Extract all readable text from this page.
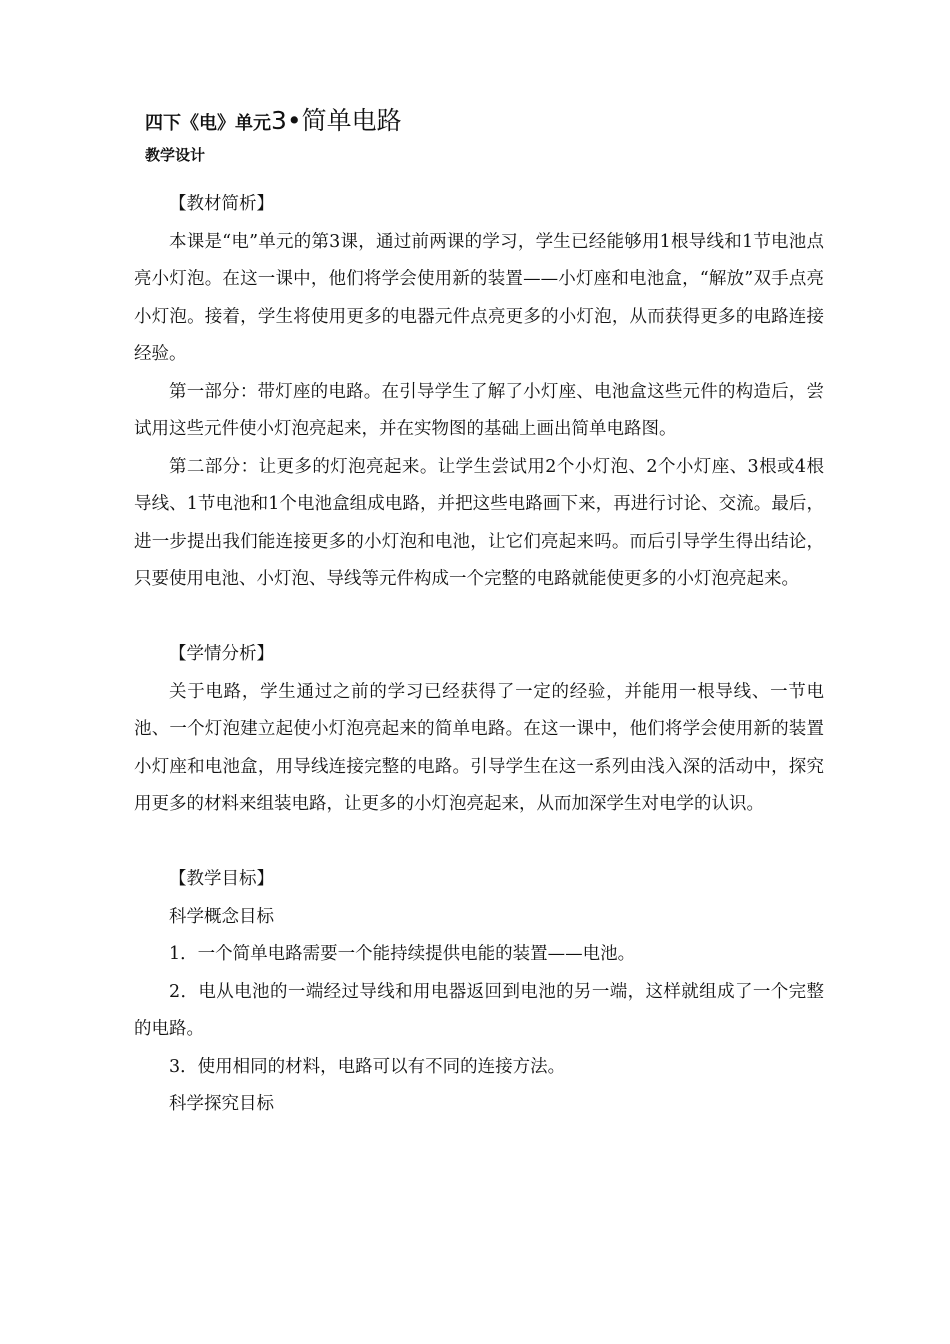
四下《电》单元3•简单电路
教学设计

【教材简析】

本课是“电”单元的第3课，通过前两课的学习，学生已经能够用1根导线和1节电池点亮小灯泡。在这一课中，他们将学会使用新的装置——小灯座和电池盒，“解放”双手点亮小灯泡。接着，学生将使用更多的电器元件点亮更多的小灯泡，从而获得更多的电路连接经验。

第一部分：带灯座的电路。在引导学生了解了小灯座、电池盒这些元件的构造后，尝试用这些元件使小灯泡亮起来，并在实物图的基础上画出简单电路图。

第二部分：让更多的灯泡亮起来。让学生尝试用2个小灯泡、2个小灯座、3根或4根导线、1节电池和1个电池盒组成电路，并把这些电路画下来，再进行讨论、交流。最后，进一步提出我们能连接更多的小灯泡和电池，让它们亮起来吗。而后引导学生得出结论，只要使用电池、小灯泡、导线等元件构成一个完整的电路就能使更多的小灯泡亮起来。

【学情分析】

关于电路，学生通过之前的学习已经获得了一定的经验，并能用一根导线、一节电池、一个灯泡建立起使小灯泡亮起来的简单电路。在这一课中，他们将学会使用新的装置小灯座和电池盒，用导线连接完整的电路。引导学生在这一系列由浅入深的活动中，探究用更多的材料来组装电路，让更多的小灯泡亮起来，从而加深学生对电学的认识。

【教学目标】

科学概念目标

1．一个简单电路需要一个能持续提供电能的装置——电池。

2．电从电池的一端经过导线和用电器返回到电池的另一端，这样就组成了一个完整的电路。

3．使用相同的材料，电路可以有不同的连接方法。

科学探究目标
